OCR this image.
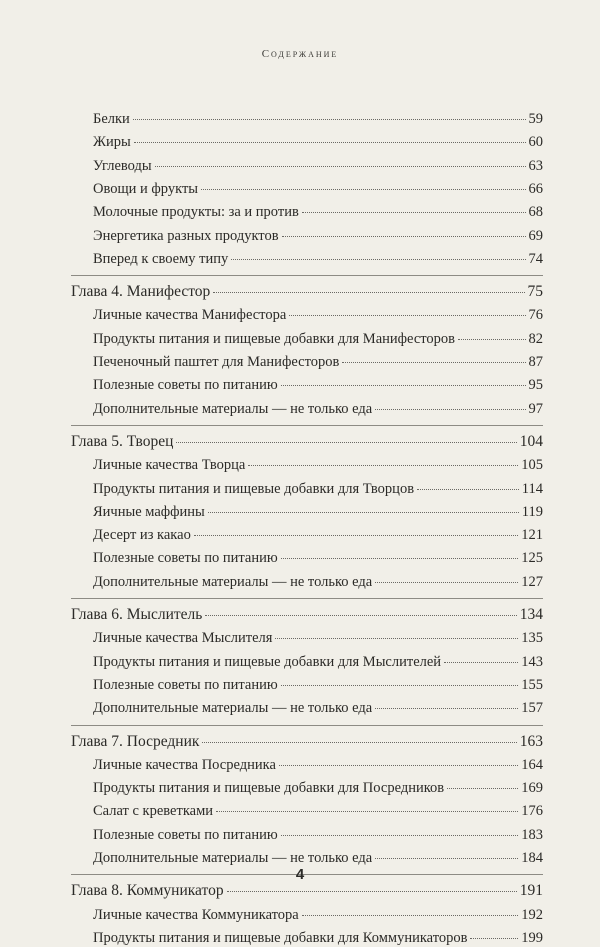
Содержание
Белки	59
Жиры	60
Углеводы	63
Овощи и фрукты	66
Молочные продукты: за и против	68
Энергетика разных продуктов	69
Вперед к своему типу	74
Глава 4. Манифестор	75
Личные качества Манифестора	76
Продукты питания и пищевые добавки для Манифесторов	82
Печеночный паштет для Манифесторов	87
Полезные советы по питанию	95
Дополнительные материалы — не только еда	97
Глава 5. Творец	104
Личные качества Творца	105
Продукты питания и пищевые добавки для Творцов	114
Яичные маффины	119
Десерт из какао	121
Полезные советы по питанию	125
Дополнительные материалы — не только еда	127
Глава 6. Мыслитель	134
Личные качества Мыслителя	135
Продукты питания и пищевые добавки для Мыслителей	143
Полезные советы по питанию	155
Дополнительные материалы — не только еда	157
Глава 7. Посредник	163
Личные качества Посредника	164
Продукты питания и пищевые добавки для Посредников	169
Салат с креветками	176
Полезные советы по питанию	183
Дополнительные материалы — не только еда	184
Глава 8. Коммуникатор	191
Личные качества Коммуникатора	192
Продукты питания и пищевые добавки для Коммуникаторов	199
4
